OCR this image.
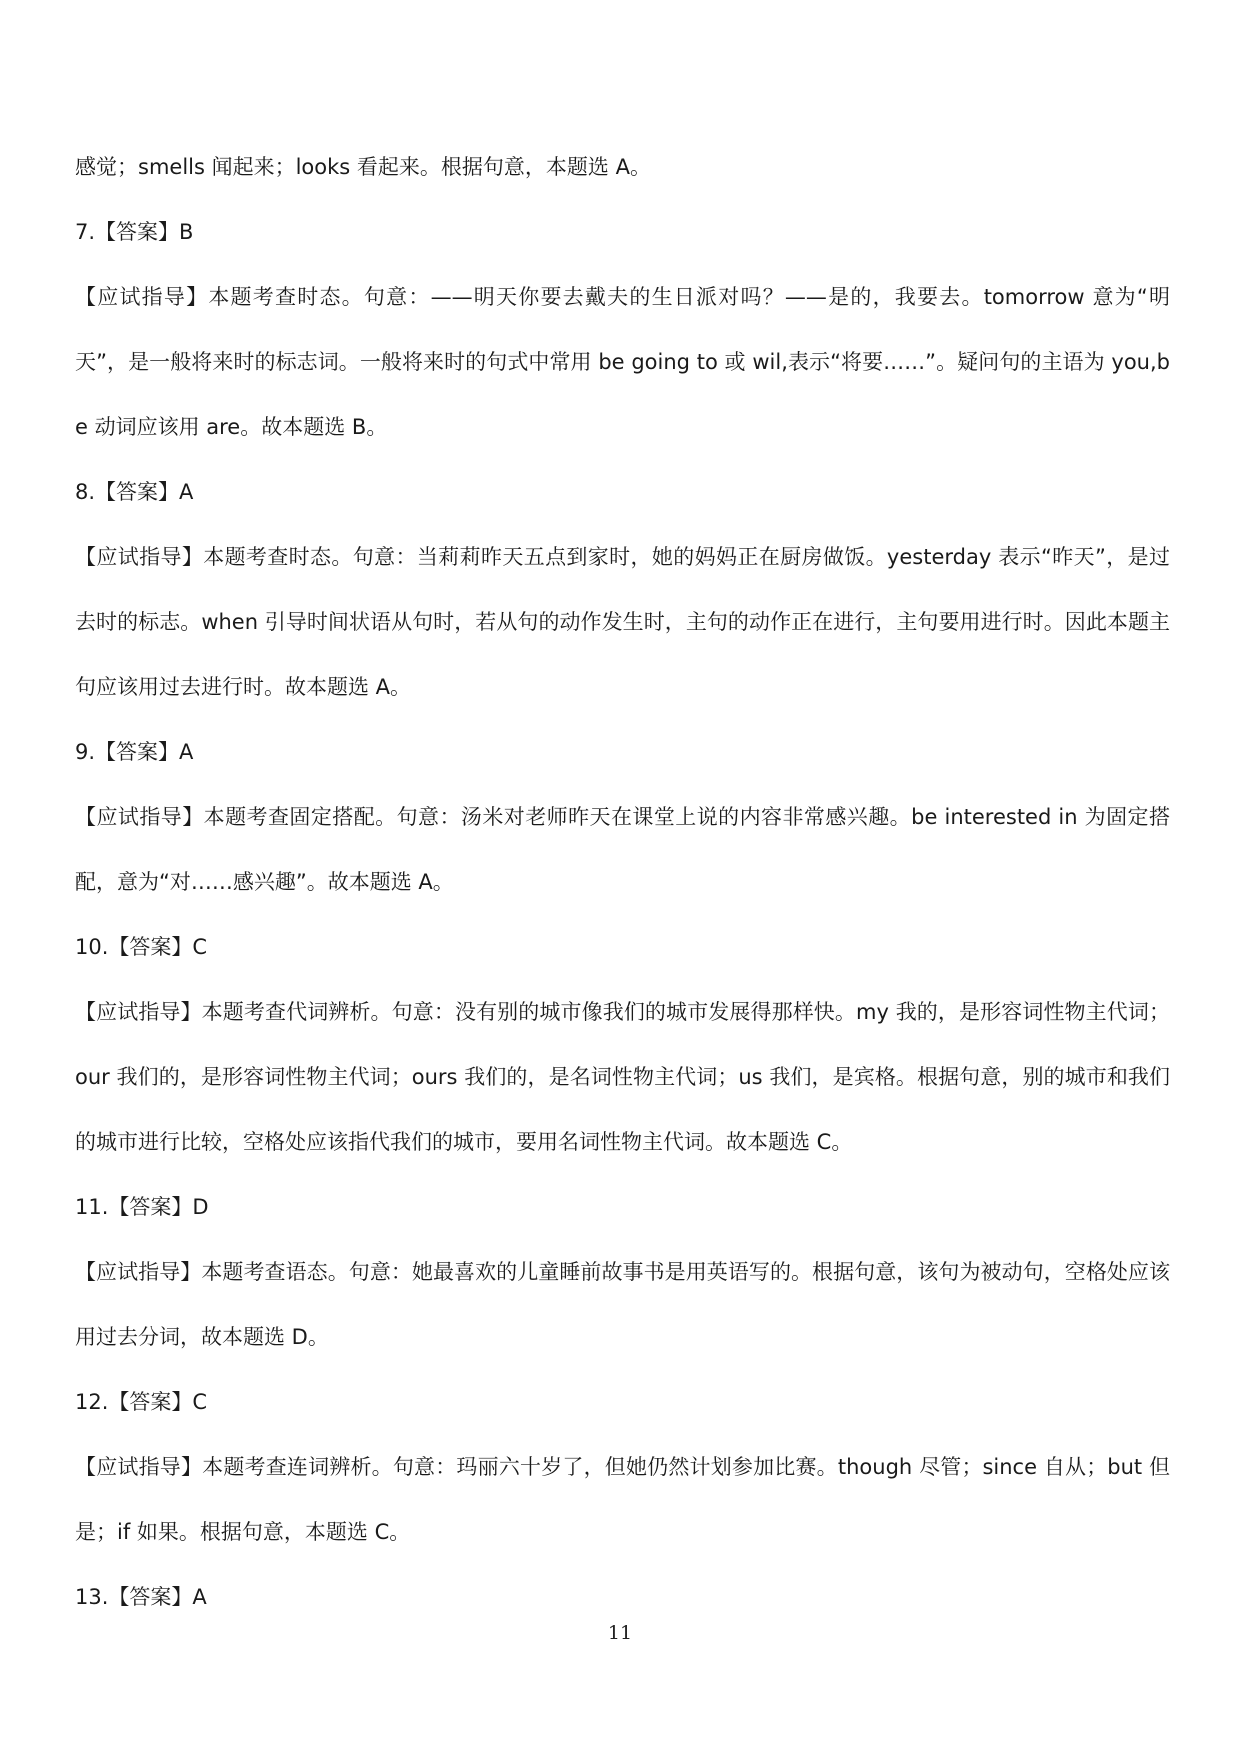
感觉；smells 闻起来；looks 看起来。根据句意，本题选 A。

7.【答案】B

【应试指导】本题考查时态。句意：——明天你要去戴夫的生日派对吗？——是的，我要去。tomorrow 意为“明天”，是一般将来时的标志词。一般将来时的句式中常用 be going to 或 wil,表示“将要……”。疑问句的主语为 you,be 动词应该用 are。故本题选 B。

8.【答案】A

【应试指导】本题考查时态。句意：当莉莉昨天五点到家时，她的妈妈正在厨房做饭。yesterday 表示“昨天”，是过去时的标志。when 引导时间状语从句时，若从句的动作发生时，主句的动作正在进行，主句要用进行时。因此本题主句应该用过去进行时。故本题选 A。

9.【答案】A

【应试指导】本题考查固定搭配。句意：汤米对老师昨天在课堂上说的内容非常感兴趣。be interested in 为固定搭配，意为“对……感兴趣”。故本题选 A。

10.【答案】C

【应试指导】本题考查代词辨析。句意：没有别的城市像我们的城市发展得那样快。my 我的，是形容词性物主代词；our 我们的，是形容词性物主代词；ours 我们的，是名词性物主代词；us 我们，是宾格。根据句意，别的城市和我们的城市进行比较，空格处应该指代我们的城市，要用名词性物主代词。故本题选 C。

11.【答案】D

【应试指导】本题考查语态。句意：她最喜欢的儿童睡前故事书是用英语写的。根据句意，该句为被动句，空格处应该用过去分词，故本题选 D。

12.【答案】C

【应试指导】本题考查连词辨析。句意：玛丽六十岁了，但她仍然计划参加比赛。though 尽管；since 自从；but 但是；if 如果。根据句意，本题选 C。

13.【答案】A

11
